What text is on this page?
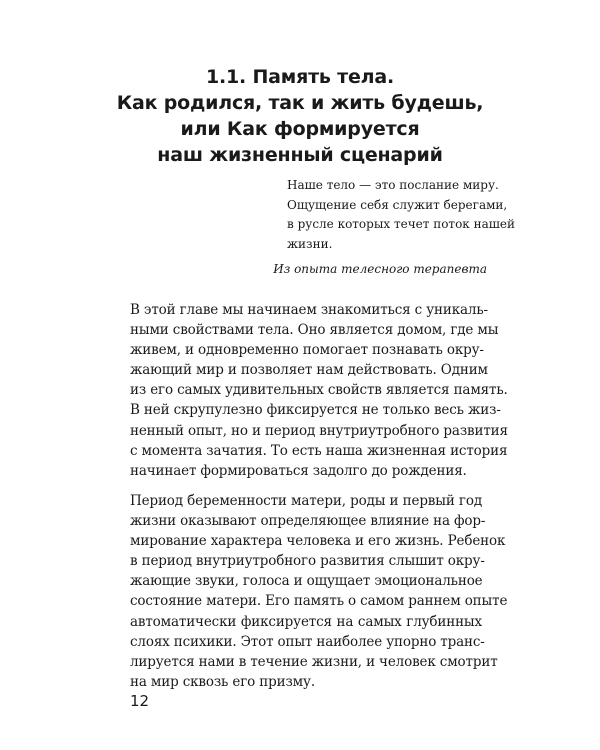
1.1. Память тела.
Как родился, так и жить будешь,
или Как формируется
наш жизненный сценарий
Наше тело — это послание миру.
Ощущение себя служит берегами,
в русле которых течет поток нашей
жизни.
Из опыта телесного терапевта
В этой главе мы начинаем знакомиться с уникаль-
ными свойствами тела. Оно является домом, где мы
живем, и одновременно помогает познавать окру-
жающий мир и позволяет нам действовать. Одним
из его самых удивительных свойств является память.
В ней скрупулезно фиксируется не только весь жиз-
ненный опыт, но и период внутриутробного развития
с момента зачатия. То есть наша жизненная история
начинает формироваться задолго до рождения.
Период беременности матери, роды и первый год
жизни оказывают определяющее влияние на фор-
мирование характера человека и его жизнь. Ребенок
в период внутриутробного развития слышит окру-
жающие звуки, голоса и ощущает эмоциональное
состояние матери. Его память о самом раннем опыте
автоматически фиксируется на самых глубинных
слоях психики. Этот опыт наиболее упорно транс-
лируется нами в течение жизни, и человек смотрит
на мир сквозь его призму.
12
